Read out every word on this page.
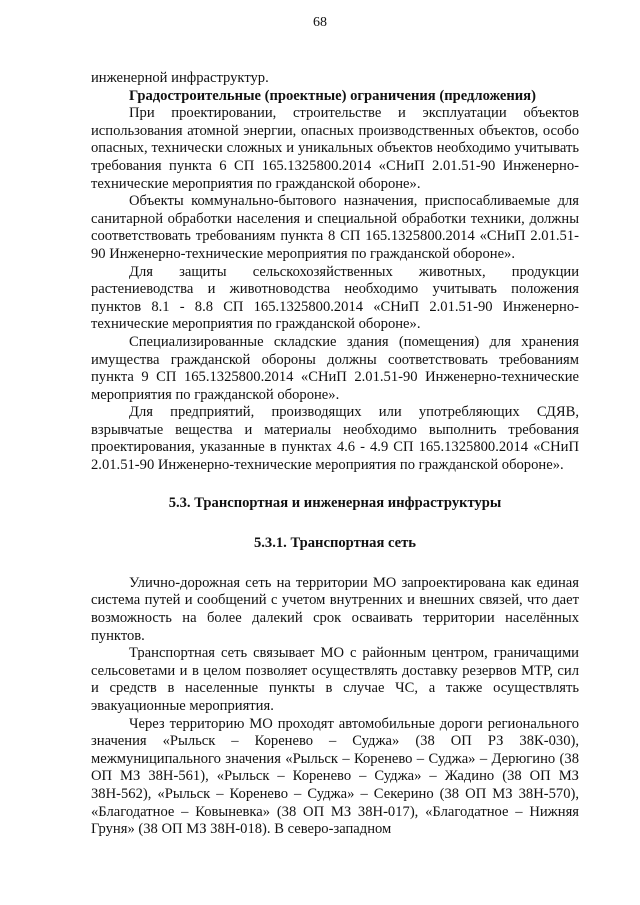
68

инженерной инфраструктур.

Градостроительные (проектные) ограничения (предложения)

При проектировании, строительстве и эксплуатации объектов использования атомной энергии, опасных производственных объектов, особо опасных, технически сложных и уникальных объектов необходимо учитывать требования пункта 6 СП 165.1325800.2014 «СНиП 2.01.51-90 Инженерно-технические мероприятия по гражданской обороне».

Объекты коммунально-бытового назначения, приспосабливаемые для санитарной обработки населения и специальной обработки техники, должны соответствовать требованиям пункта 8 СП 165.1325800.2014 «СНиП 2.01.51-90 Инженерно-технические мероприятия по гражданской обороне».

Для защиты сельскохозяйственных животных, продукции растениеводства и животноводства необходимо учитывать положения пунктов 8.1 - 8.8 СП 165.1325800.2014 «СНиП 2.01.51-90 Инженерно-технические мероприятия по гражданской обороне».

Специализированные складские здания (помещения) для хранения имущества гражданской обороны должны соответствовать требованиям пункта 9 СП 165.1325800.2014 «СНиП 2.01.51-90 Инженерно-технические мероприятия по гражданской обороне».

Для предприятий, производящих или употребляющих СДЯВ, взрывчатые вещества и материалы необходимо выполнить требования проектирования, указанные в пунктах 4.6 - 4.9 СП 165.1325800.2014 «СНиП 2.01.51-90 Инженерно-технические мероприятия по гражданской обороне».

5.3. Транспортная и инженерная инфраструктуры

5.3.1. Транспортная сеть

Улично-дорожная сеть на территории МО запроектирована как единая система путей и сообщений с учетом внутренних и внешних связей, что дает возможность на более далекий срок осваивать территории населённых пунктов.

Транспортная сеть связывает МО с районным центром, граничащими сельсоветами и в целом позволяет осуществлять доставку резервов МТР, сил и средств в населенные пункты в случае ЧС, а также осуществлять эвакуационные мероприятия.

Через территорию МО проходят автомобильные дороги регионального значения «Рыльск – Коренево – Суджа» (38 ОП РЗ 38К-030), межмуниципального значения «Рыльск – Коренево – Суджа» – Дерюгино (38 ОП МЗ 38Н-561), «Рыльск – Коренево – Суджа» – Жадино (38 ОП МЗ 38Н-562), «Рыльск – Коренево – Суджа» – Секерино (38 ОП МЗ 38Н-570), «Благодатное – Ковыневка» (38 ОП МЗ 38Н-017), «Благодатное – Нижняя Груня» (38 ОП МЗ 38Н-018). В северо-западном
